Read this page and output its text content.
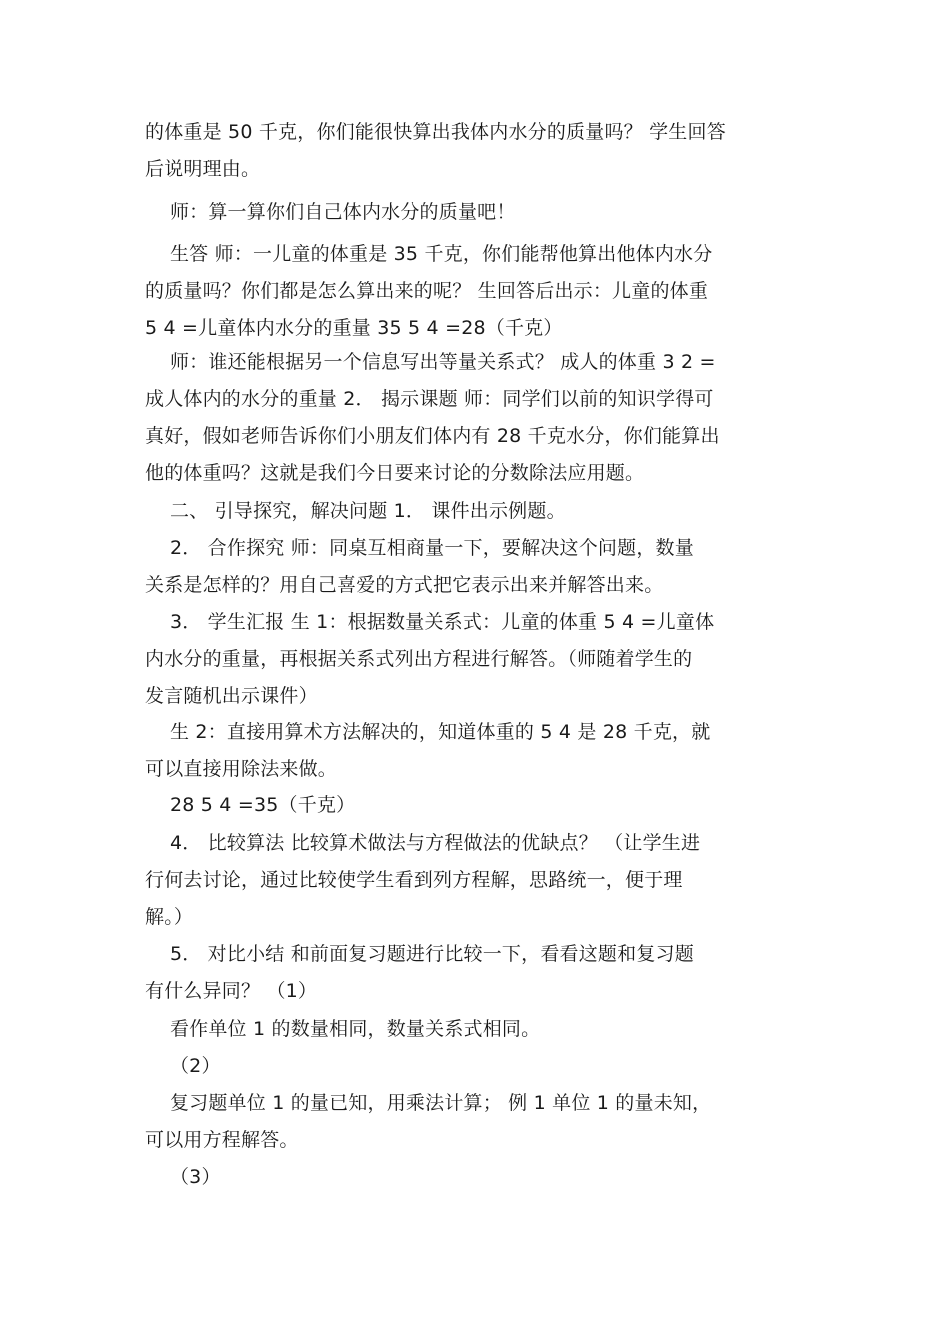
的体重是 50 千克，你们能很快算出我体内水分的质量吗？ 学生回答
后说明理由。
师：算一算你们自己体内水分的质量吧！
生答 师：一儿童的体重是 35 千克，你们能帮他算出他体内水分
的质量吗？你们都是怎么算出来的呢？ 生回答后出示：儿童的体重
5 4 =儿童体内水分的重量 35 5 4 =28（千克）
师：谁还能根据另一个信息写出等量关系式？ 成人的体重 3 2 =
成人体内的水分的重量 2． 揭示课题 师：同学们以前的知识学得可
真好，假如老师告诉你们小朋友们体内有 28 千克水分，你们能算出
他的体重吗？这就是我们今日要来讨论的分数除法应用题。
二、 引导探究，解决问题 1． 课件出示例题。
2． 合作探究 师：同桌互相商量一下，要解决这个问题，数量
关系是怎样的？用自己喜爱的方式把它表示出来并解答出来。
3． 学生汇报 生 1：根据数量关系式：儿童的体重 5 4 =儿童体
内水分的重量，再根据关系式列出方程进行解答。（师随着学生的
发言随机出示课件）
生 2：直接用算术方法解决的，知道体重的 5 4 是 28 千克，就
可以直接用除法来做。
28 5 4 =35（千克）
4． 比较算法 比较算术做法与方程做法的优缺点？ （让学生进
行何去讨论，通过比较使学生看到列方程解，思路统一，便于理
解。）
5． 对比小结 和前面复习题进行比较一下，看看这题和复习题
有什么异同？ （1）
看作单位 1 的数量相同，数量关系式相同。
（2）
复习题单位 1 的量已知，用乘法计算； 例 1 单位 1 的量未知，
可以用方程解答。
（3）
